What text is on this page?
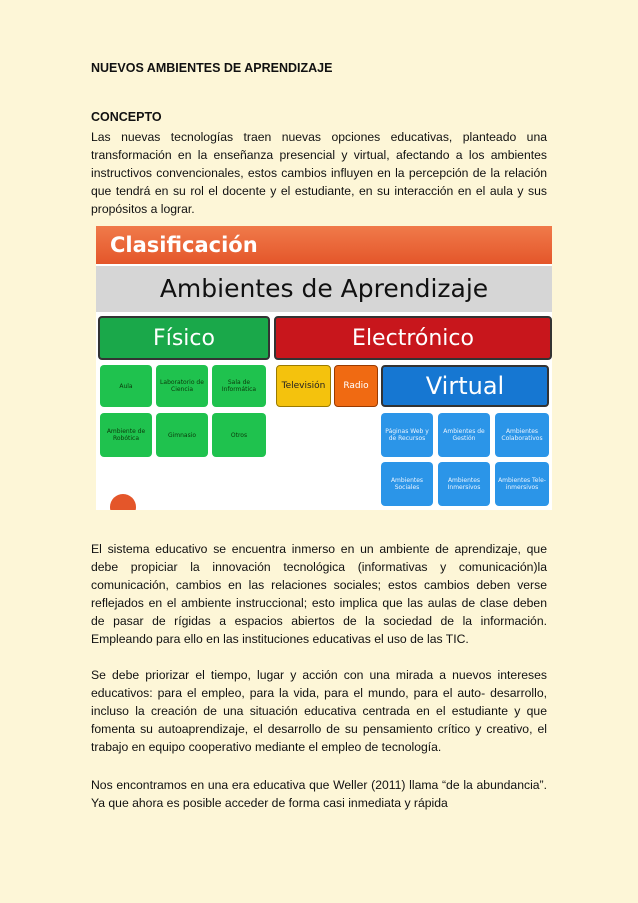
NUEVOS AMBIENTES DE APRENDIZAJE
CONCEPTO

Las nuevas tecnologías traen nuevas opciones educativas, planteado una transformación en la enseñanza presencial y virtual, afectando a los ambientes instructivos convencionales, estos cambios influyen en la percepción de la relación que tendrá en su rol el docente y el estudiante, en su interacción en el aula y sus propósitos a lograr.

Clasificación
Ambientes de Aprendizaje
Físico	Electrónico
Aula	Laboratorio de Ciencia
Sala de Informática
Ambiente de Robótica	Gimnasio	Otros
Televisión	Radio	Virtual
Páginas Web y de Recursos
Ambientes de Gestión
Ambientes Colaborativos
Ambientes Sociales
Ambientes Inmersivos
Ambientes Tele-inmersivos

El sistema educativo se encuentra inmerso en un ambiente de aprendizaje, que debe propiciar la innovación tecnológica (informativas y comunicación)la comunicación, cambios en las relaciones sociales; estos cambios deben verse reflejados en el ambiente instruccional; esto implica que las aulas de clase deben de pasar de rígidas a espacios abiertos de la sociedad de la información. Empleando para ello en las instituciones educativas el uso de las TIC.

Se debe priorizar el tiempo, lugar y acción con una mirada a nuevos intereses educativos: para el empleo, para la vida, para el mundo, para el auto- desarrollo, incluso la creación de una situación educativa centrada en el estudiante y que fomenta su autoaprendizaje, el desarrollo de su pensamiento crítico y creativo, el trabajo en equipo cooperativo mediante el empleo de tecnología.

Nos encontramos en una era educativa que Weller (2011) llama “de la abundancia”. Ya que ahora es posible acceder de forma casi inmediata y rápida
